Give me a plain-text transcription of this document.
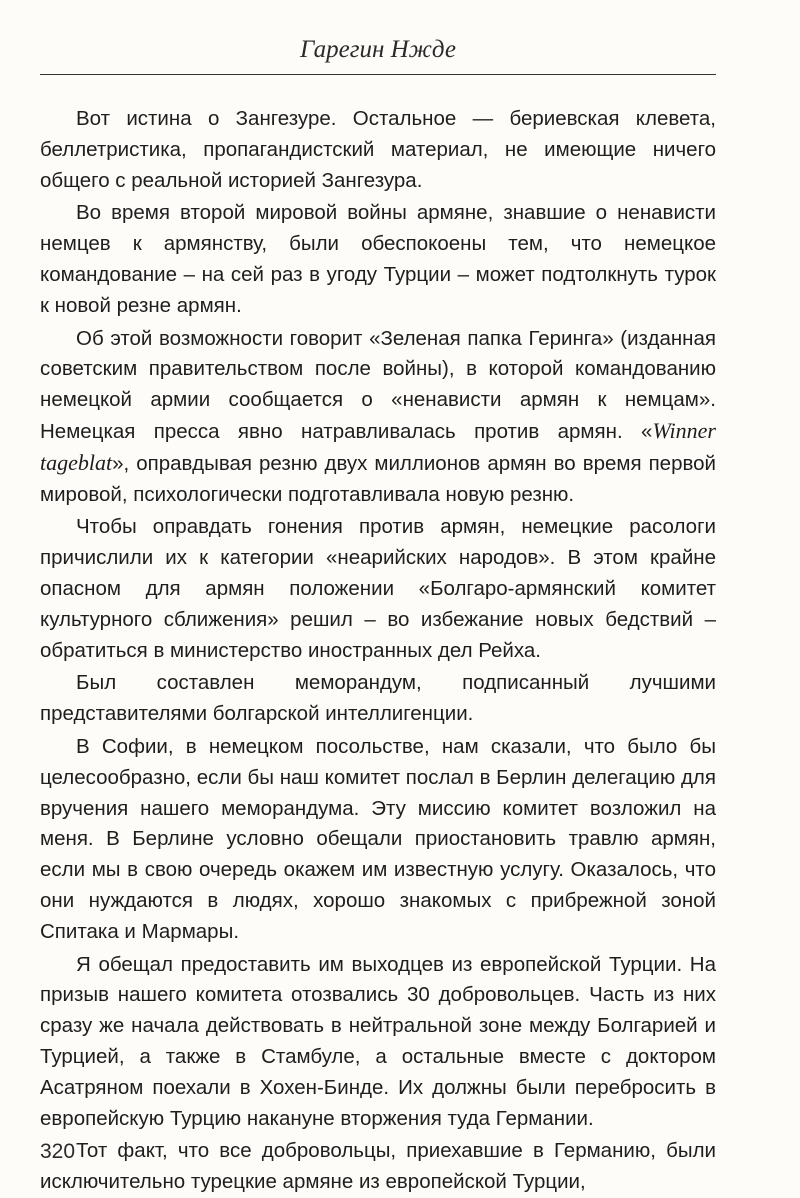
Гарегин Нжде

Вот истина о Зангезуре. Остальное — бериевская клевета, беллетристика, пропагандистский материал, не имеющие ничего общего с реальной историей Зангезура.

Во время второй мировой войны армяне, знавшие о ненависти немцев к армянству, были обеспокоены тем, что немецкое командование – на сей раз в угоду Турции – может подтолкнуть турок к новой резне армян.

Об этой возможности говорит «Зеленая папка Геринга» (изданная советским правительством после войны), в которой командованию немецкой армии сообщается о «ненависти армян к немцам». Немецкая пресса явно натравливалась против армян. «Winner tageblat», оправдывая резню двух миллионов армян во время первой мировой, психологически подготавливала новую резню.

Чтобы оправдать гонения против армян, немецкие расологи причислили их к категории «неарийских народов». В этом крайне опасном для армян положении «Болгаро-армянский комитет культурного сближения» решил – во избежание новых бедствий – обратиться в министерство иностранных дел Рейха.

Был составлен меморандум, подписанный лучшими представителями болгарской интеллигенции.

В Софии, в немецком посольстве, нам сказали, что было бы целесообразно, если бы наш комитет послал в Берлин делегацию для вручения нашего меморандума. Эту миссию комитет возложил на меня. В Берлине условно обещали приостановить травлю армян, если мы в свою очередь окажем им известную услугу. Оказалось, что они нуждаются в людях, хорошо знакомых с прибрежной зоной Спитака и Мармары.

Я обещал предоставить им выходцев из европейской Турции. На призыв нашего комитета отозвались 30 добровольцев. Часть из них сразу же начала действовать в нейтральной зоне между Болгарией и Турцией, а также в Стамбуле, а остальные вместе с доктором Асатряном поехали в Хохен-Бинде. Их должны были перебросить в европейскую Турцию накануне вторжения туда Германии.

Тот факт, что все добровольцы, приехавшие в Германию, были исключительно турецкие армяне из европейской Турции,

320
